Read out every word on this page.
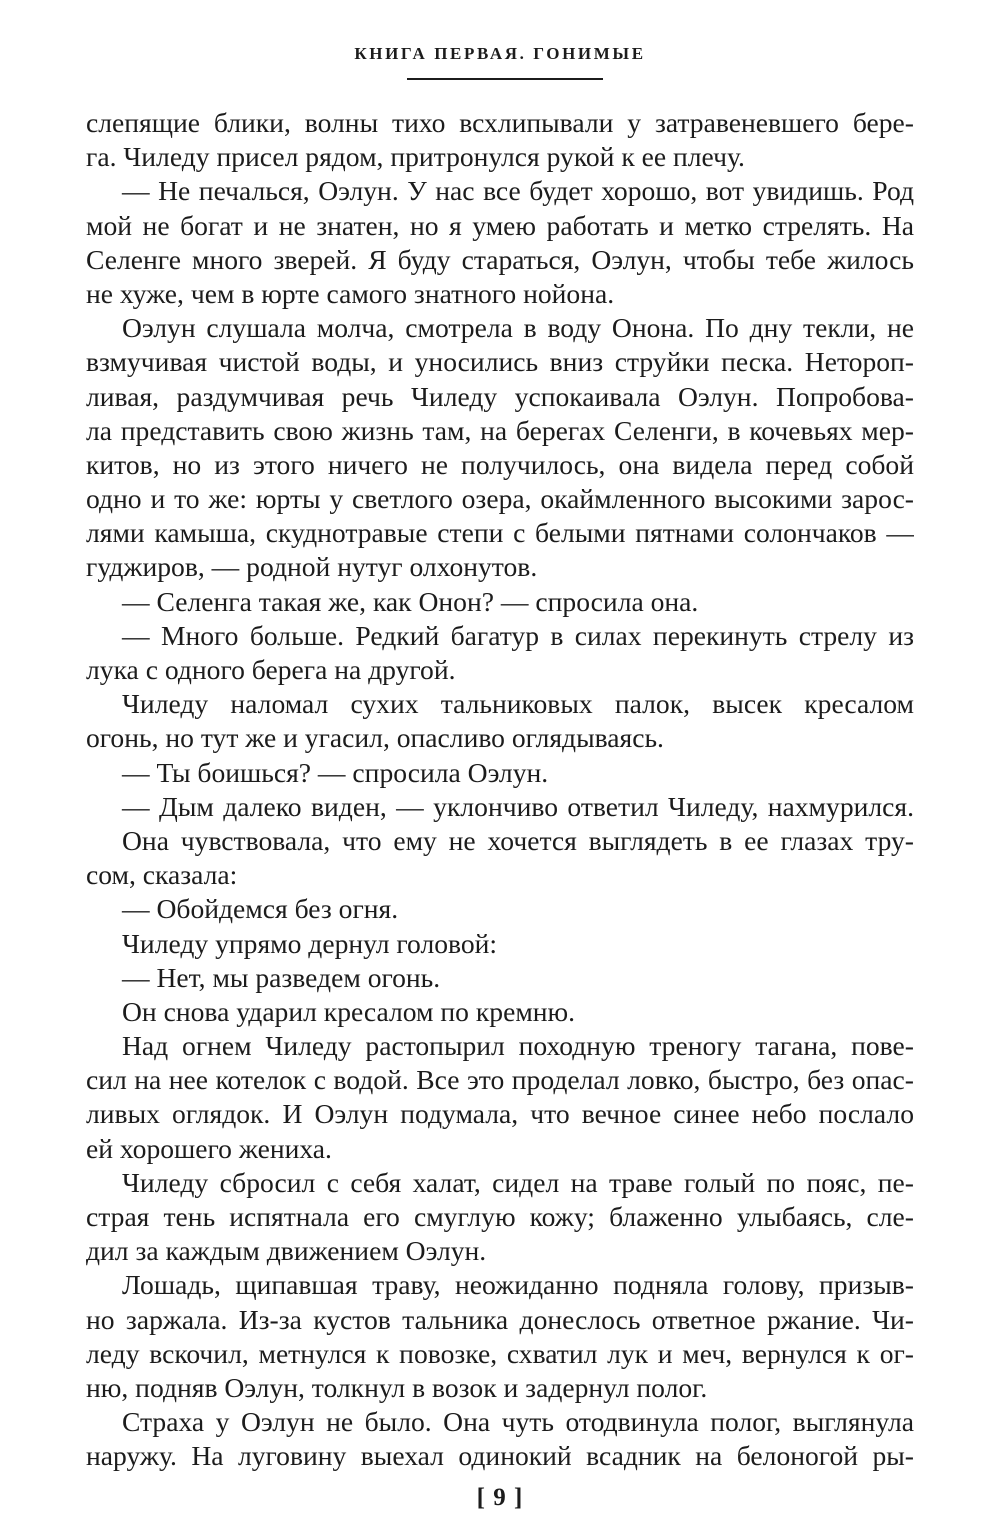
КНИГА ПЕРВАЯ. ГОНИМЫЕ
слепящие блики, волны тихо всхлипывали у затравеневшего бере-
га. Чиледу присел рядом, притронулся рукой к ее плечу.
— Не печалься, Оэлун. У нас все будет хорошо, вот увидишь. Род
мой не богат и не знатен, но я умею работать и метко стрелять. На
Селенге много зверей. Я буду стараться, Оэлун, чтобы тебе жилось
не хуже, чем в юрте самого знатного нойона.
Оэлун слушала молча, смотрела в воду Онона. По дну текли, не
взмучивая чистой воды, и уносились вниз струйки песка. Нетороп-
ливая, раздумчивая речь Чиледу успокаивала Оэлун. Попробова-
ла представить свою жизнь там, на берегах Селенги, в кочевьях мер-
китов, но из этого ничего не получилось, она видела перед собой
одно и то же: юрты у светлого озера, окаймленного высокими зарос-
лями камыша, скуднотравые степи с белыми пятнами солончаков —
гуджиров, — родной нутуг олхонутов.
— Селенга такая же, как Онон? — спросила она.
— Много больше. Редкий багатур в силах перекинуть стрелу из
лука с одного берега на другой.
Чиледу наломал сухих тальниковых палок, высек кресалом
огонь, но тут же и угасил, опасливо оглядываясь.
— Ты боишься? — спросила Оэлун.
— Дым далеко виден, — уклончиво ответил Чиледу, нахмурился.
Она чувствовала, что ему не хочется выглядеть в ее глазах тру-
сом, сказала:
— Обойдемся без огня.
Чиледу упрямо дернул головой:
— Нет, мы разведем огонь.
Он снова ударил кресалом по кремню.
Над огнем Чиледу растопырил походную треногу тагана, пове-
сил на нее котелок с водой. Все это проделал ловко, быстро, без опас-
ливых оглядок. И Оэлун подумала, что вечное синее небо послало
ей хорошего жениха.
Чиледу сбросил с себя халат, сидел на траве голый по пояс, пе-
страя тень испятнала его смуглую кожу; блаженно улыбаясь, сле-
дил за каждым движением Оэлун.
Лошадь, щипавшая траву, неожиданно подняла голову, призыв-
но заржала. Из-за кустов тальника донеслось ответное ржание. Чи-
леду вскочил, метнулся к повозке, схватил лук и меч, вернулся к ог-
ню, подняв Оэлун, толкнул в возок и задернул полог.
Страха у Оэлун не было. Она чуть отодвинула полог, выглянула
наружу. На луговину выехал одинокий всадник на белоногой ры-
[ 9 ]
